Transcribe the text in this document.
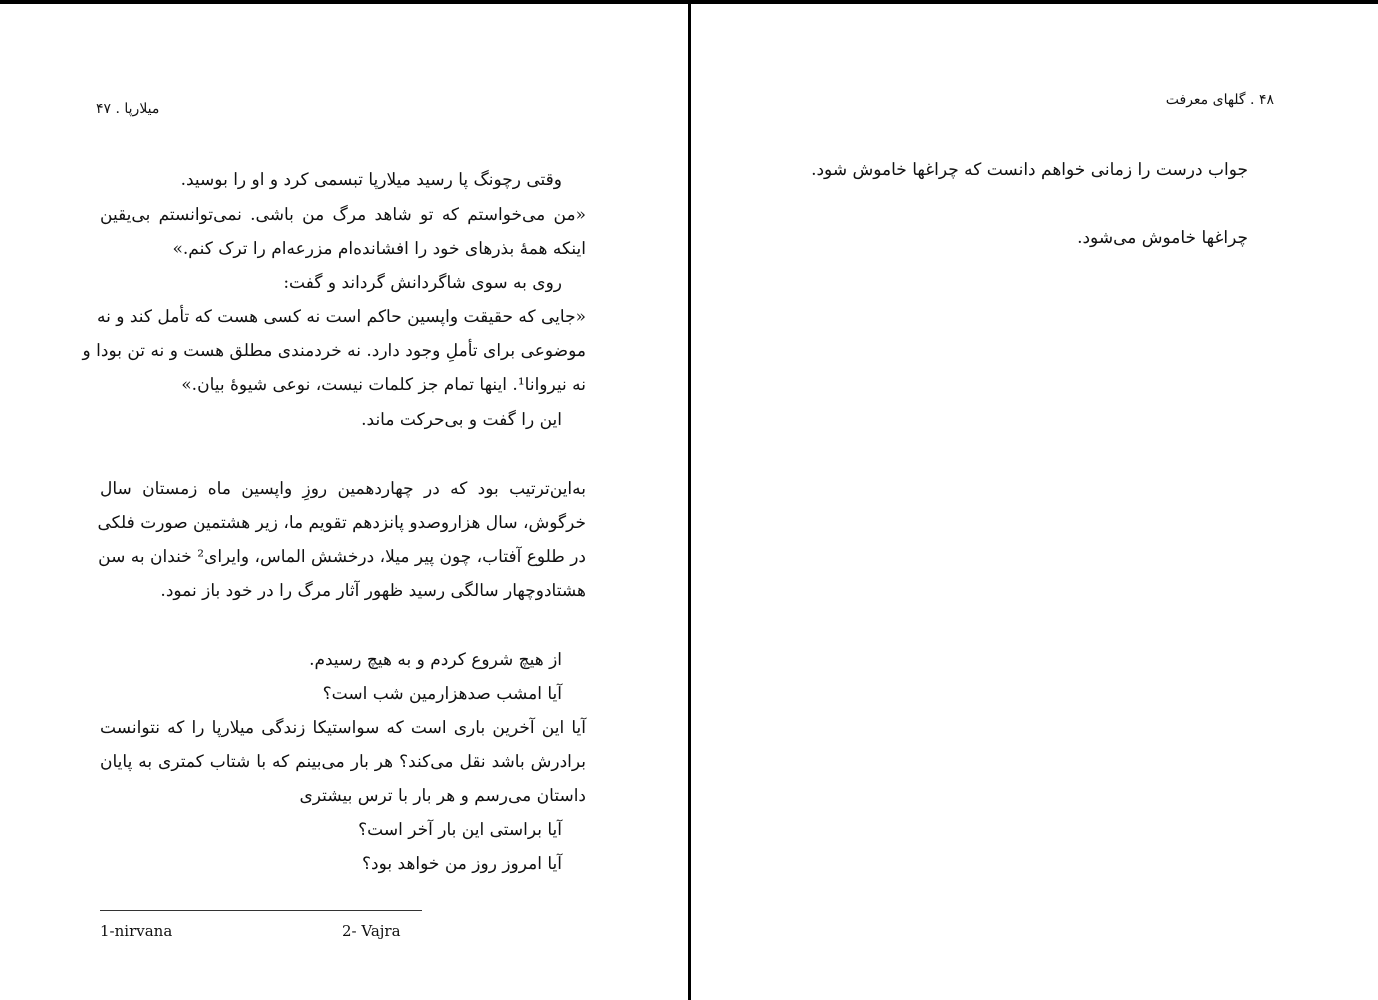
میلارپا . ۴۷
وقتی رچونگ پا رسید میلارپا تبسمی کرد و او را بوسید.
«من می‌خواستم که تو شاهد مرگ من باشی. نمی‌توانستم بی‌یقین
اینکه همهٔ بذرهای خود را افشانده‌ام مزرعه‌ام را ترک کنم.»
روی به سوی شاگردانش گرداند و گفت:
«جایی که حقیقت واپسین حاکم است نه کسی هست که تأمل کند و نه
موضوعی برای تأملِ وجود دارد. نه خردمندی مطلق هست و نه تن بودا و
نه نیروانا¹. اینها تمام جز کلمات نیست، نوعی شیوهٔ بیان.»
این را گفت و بی‌حرکت ماند.
به‌این‌ترتیب بود که در چهاردهمین روزِ واپسین ماه زمستان سال
خرگوش، سال هزاروصدو پانزدهم تقویم ما، زیر هشتمین صورت فلکی
در طلوع آفتاب، چون پیر میلا، درخشش الماس، وایرای² خندان به سن
هشتادوچهار سالگی رسید ظهور آثار مرگ را در خود باز نمود.
از هیچ شروع کردم و به هیچ رسیدم.
آیا امشب صدهزارمین شب است؟
آیا این آخرین باری است که سواستیکا زندگی میلارپا را که نتوانست
برادرش باشد نقل می‌کند؟ هر بار می‌بینم که با شتاب کمتری به پایان
داستان می‌رسم و هر بار با ترس بیشتری
آیا براستی این بار آخر است؟
آیا امروز روز من خواهد بود؟
1-nirvana	2- Vajra
۴۸ . گلهای معرفت
جواب درست را زمانی خواهم دانست که چراغها خاموش شود.
چراغها خاموش می‌شود.
